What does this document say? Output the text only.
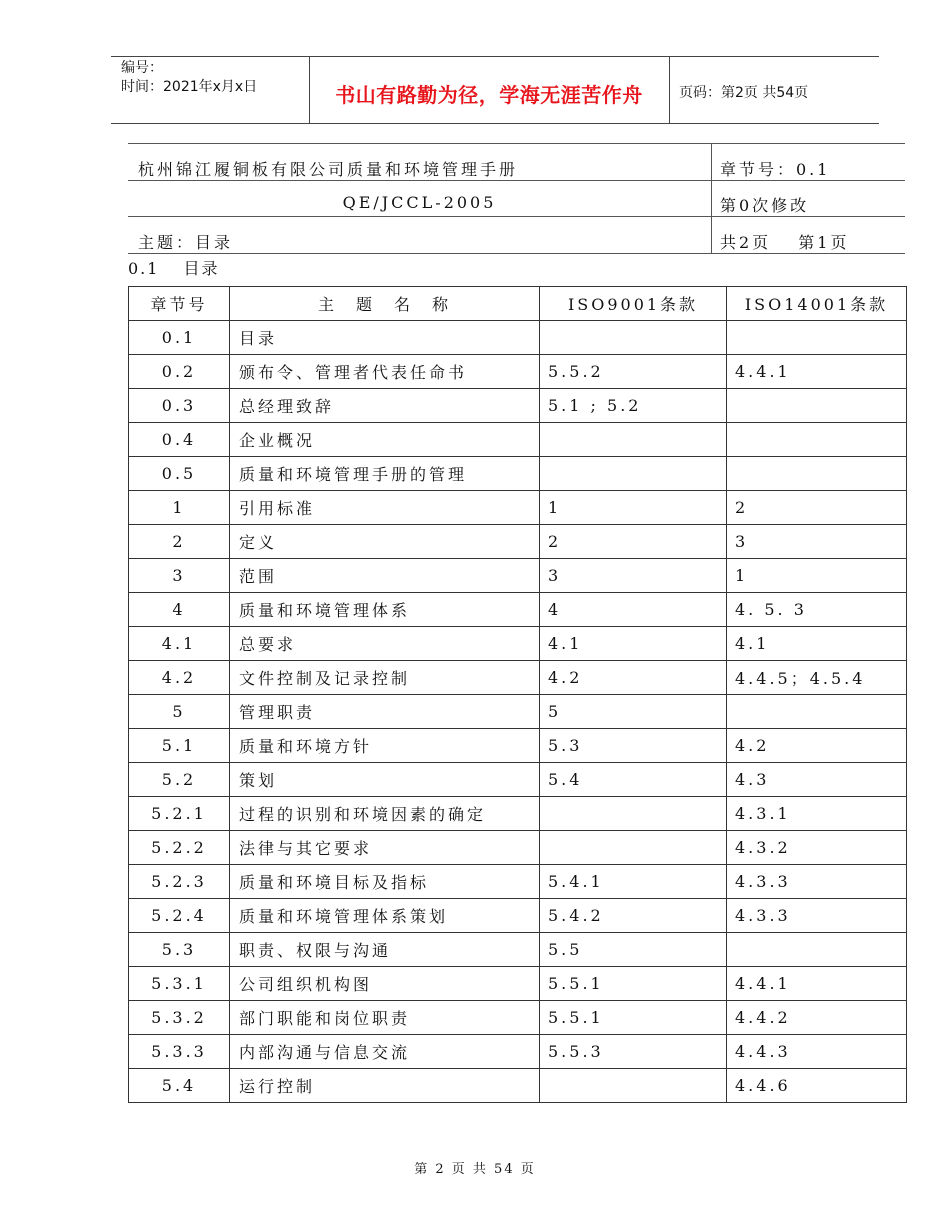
编号：
时间：2021年x月x日	书山有路勤为径，学海无涯苦作舟	页码：第2页 共54页
杭州锦江履铜板有限公司质量和环境管理手册	章节号：0.1
QE/JCCL-2005	第0次修改
主题：目录	共2页　 第1页
0.1 目录
章节号	主　题　名　称	ISO9001条款	ISO14001条款
0.1	目录		
0.2	颁布令、管理者代表任命书	5.5.2	4.4.1
0.3	总经理致辞	5.1 ; 5.2	
0.4	企业概况		
0.5	质量和环境管理手册的管理		
1	引用标准	1	2
2	定义	2	3
3	范围	3	1
4	质量和环境管理体系	4	4. 5. 3
4.1	总要求	4.1	4.1
4.2	文件控制及记录控制	4.2	4.4.5；4.5.4
5	管理职责	5	
5.1	质量和环境方针	5.3	4.2
5.2	策划	5.4	4.3
5.2.1	过程的识别和环境因素的确定		4.3.1
5.2.2	法律与其它要求		4.3.2
5.2.3	质量和环境目标及指标	5.4.1	4.3.3
5.2.4	质量和环境管理体系策划	5.4.2	4.3.3
5.3	职责、权限与沟通	5.5	
5.3.1	公司组织机构图	5.5.1	4.4.1
5.3.2	部门职能和岗位职责	5.5.1	4.4.2
5.3.3	内部沟通与信息交流	5.5.3	4.4.3
5.4	运行控制		4.4.6
第 2 页 共 54 页
